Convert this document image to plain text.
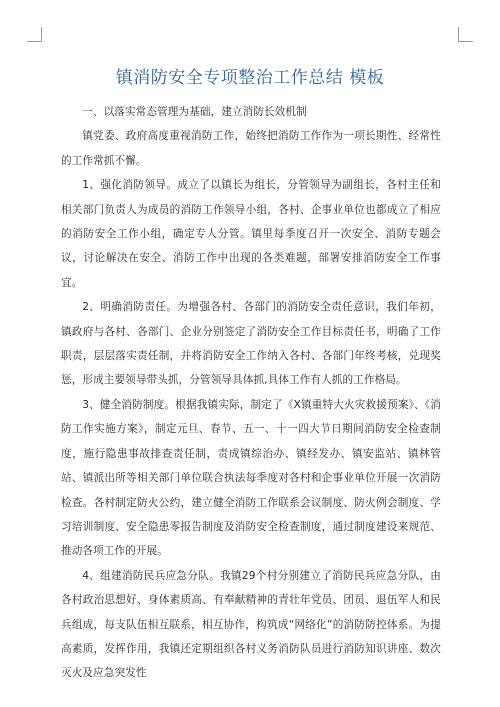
镇消防安全专项整治工作总结 模板

一、以落实常态管理为基础，建立消防长效机制

镇党委、政府高度重视消防工作，始终把消防工作作为一项长期性、经常性的工作常抓不懈。

1、强化消防领导。成立了以镇长为组长，分管领导为副组长，各村主任和相关部门负责人为成员的消防工作领导小组，各村、企事业单位也都成立了相应的消防安全工作小组，确定专人分管。镇里每季度召开一次安全、消防专题会议，讨论解决在安全、消防工作中出现的各类难题，部署安排消防安全工作事宜。

2、明确消防责任。为增强各村、各部门的消防安全责任意识，我们年初，镇政府与各村、各部门、企业分别签定了消防安全工作目标责任书，明确了工作职责，层层落实责任制，并将消防安全工作纳入各村、各部门年终考核，兑现奖惩，形成主要领导带头抓，分管领导具体抓,具体工作有人抓的工作格局。

3、健全消防制度。根据我镇实际，制定了《X镇重特大火灾救援预案》、《消防工作实施方案》，制定元旦、春节、五一、十一四大节日期间消防安全检查制度，施行隐患事故排查责任制，责成镇综治办、镇经发办、镇安监站、镇林管站、镇派出所等相关部门单位联合执法每季度对各村和企事业单位开展一次消防检查。各村制定防火公约，建立健全消防工作联系会议制度、防火例会制度、学习培训制度、安全隐患零报告制度及消防安全检查制度，通过制度建设来规范、推动各项工作的开展。

4、组建消防民兵应急分队。我镇29个村分别建立了消防民兵应急分队，由各村政治思想好、身体素质高、有奉献精神的青壮年党员、团员、退伍军人和民兵组成，每支队伍相互联系，相互协作，构筑成“网络化”的消防防控体系。为提高素质，发挥作用，我镇还定期组织各村义务消防队员进行消防知识讲座、数次灭火及应急突发性
